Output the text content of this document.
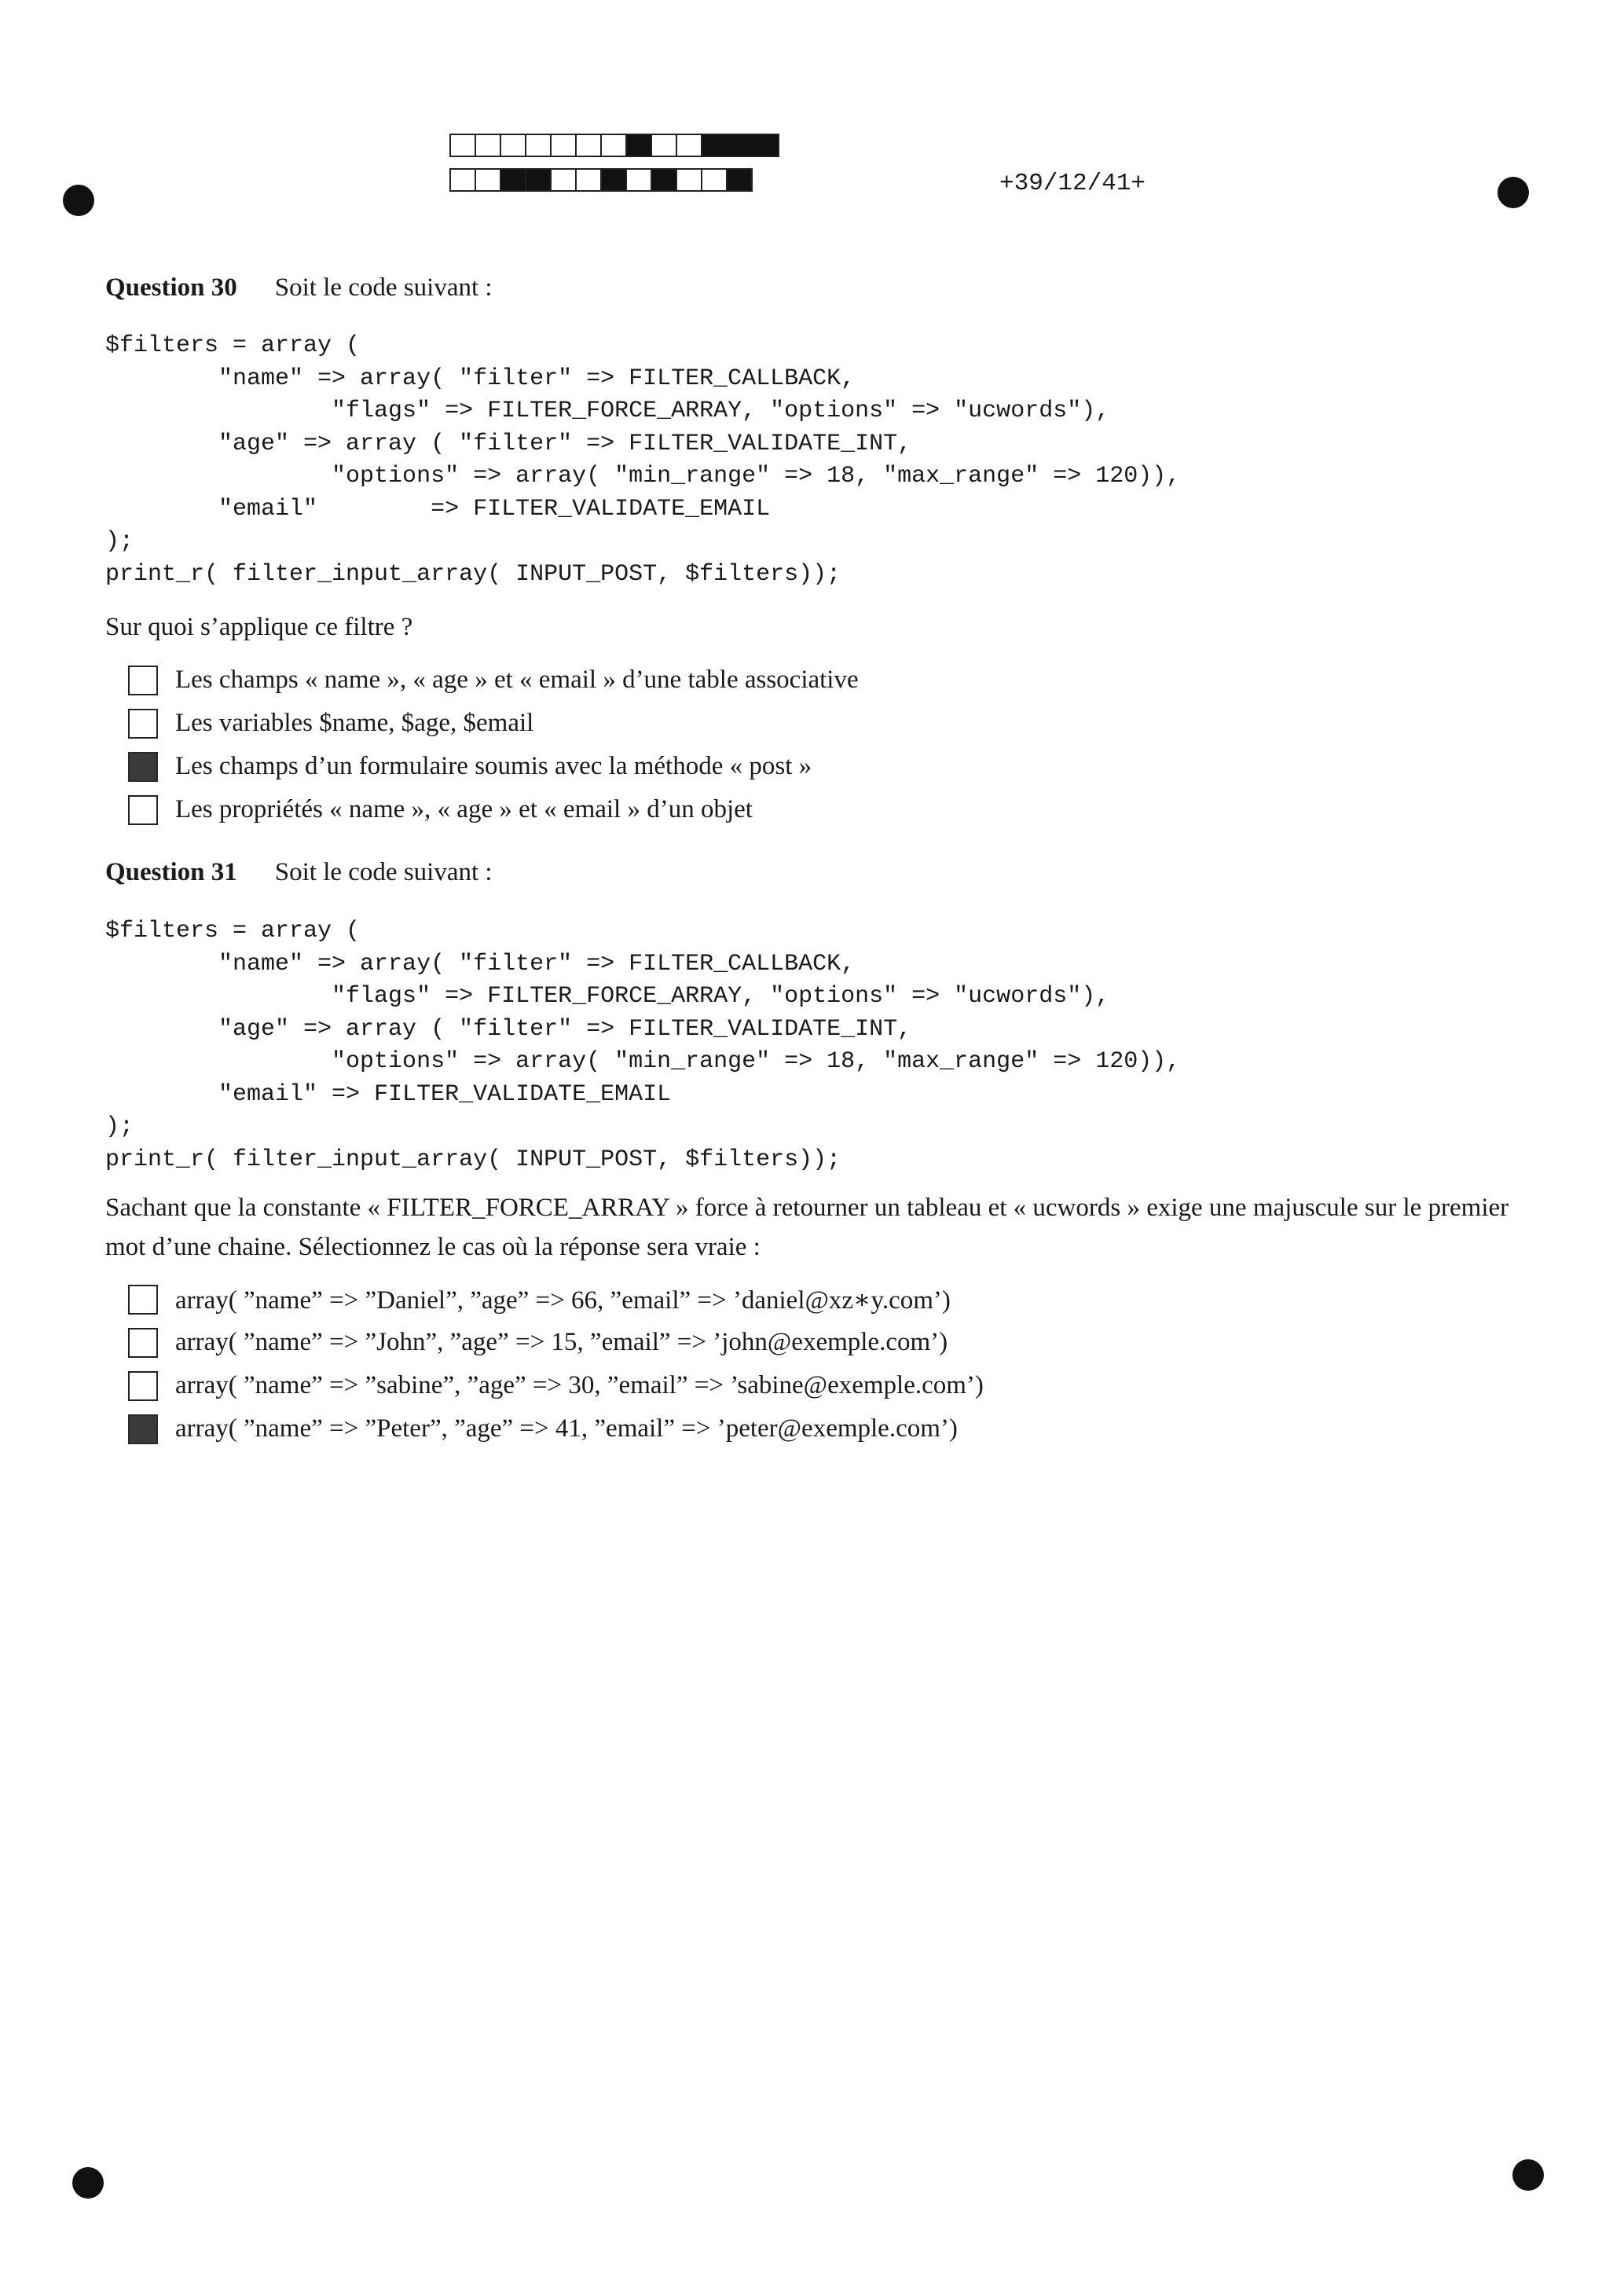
+39/12/41+
Question 30 Soit le code suivant :
$filters = array (
"name" => array( "filter" => FILTER_CALLBACK,
"flags" => FILTER_FORCE_ARRAY, "options" => "ucwords"),
"age" => array ( "filter" => FILTER_VALIDATE_INT,
"options" => array( "min_range" => 18, "max_range" => 120)),
"email"        => FILTER_VALIDATE_EMAIL
);
print_r( filter_input_array( INPUT_POST, $filters));

Sur quoi s’applique ce filtre ?

Les champs « name », « age » et « email » d’une table associative
Les variables $name, $age, $email
Les champs d’un formulaire soumis avec la méthode « post »
Les propriétés « name », « age » et « email » d’un objet
Question 31 Soit le code suivant :
$filters = array (
"name" => array( "filter" => FILTER_CALLBACK,
"flags" => FILTER_FORCE_ARRAY, "options" => "ucwords"),
"age" => array ( "filter" => FILTER_VALIDATE_INT,
"options" => array( "min_range" => 18, "max_range" => 120)),
"email" => FILTER_VALIDATE_EMAIL
);
print_r( filter_input_array( INPUT_POST, $filters));

Sachant que la constante « FILTER_FORCE_ARRAY » force à retourner un tableau et « ucwords » exige une majuscule sur le premier mot d’une chaine. Sélectionnez le cas où la réponse sera vraie :

array( ”name” => ”Daniel”, ”age” => 66, ”email” => ’daniel@xz∗y.com’)
array( ”name” => ”John”, ”age” => 15, ”email” => ’john@exemple.com’)
array( ”name” => ”sabine”, ”age” => 30, ”email” => ’sabine@exemple.com’)
array( ”name” => ”Peter”, ”age” => 41, ”email” => ’peter@exemple.com’)
